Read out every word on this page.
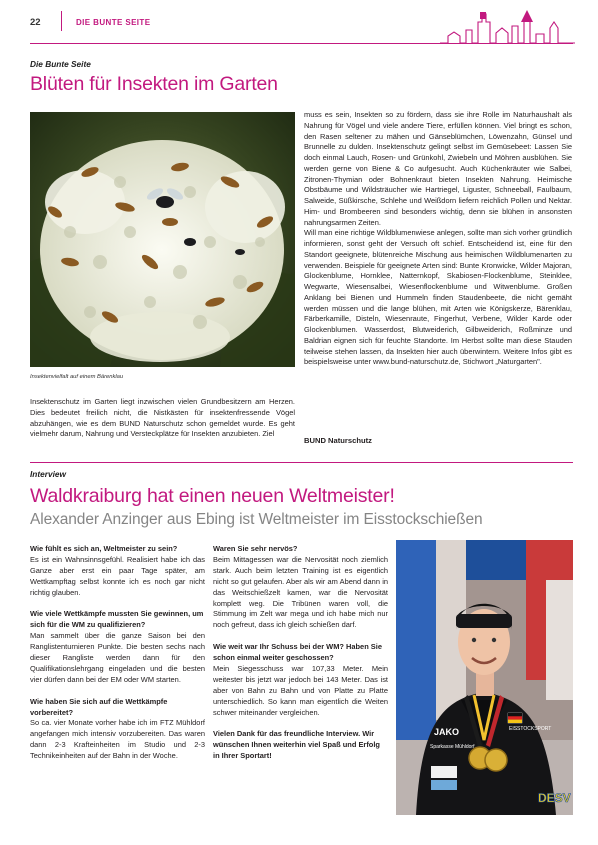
22	DIE BUNTE SEITE
Die Bunte Seite
Blüten für Insekten im Garten
Insektenvielfalt auf einem Bärenklau

Insektenschutz im Garten liegt inzwischen vielen Grundbesitzern am Herzen. Dies bedeutet freilich nicht, die Nistkästen für insektenfressende Vögel abzuhängen, wie es dem BUND Naturschutz schon gemeldet wurde. Es geht vielmehr darum, Nahrung und Versteckplätze für Insekten anzubieten. Ziel

muss es sein, Insekten so zu fördern, dass sie ihre Rolle im Naturhaushalt als Nahrung für Vögel und viele andere Tiere, erfüllen können. Viel bringt es schon, den Rasen seltener zu mähen und Gänseblümchen, Löwenzahn, Günsel und Brunnelle zu dulden. Insektenschutz gelingt selbst im Gemüsebeet: Lassen Sie doch einmal Lauch, Rosen- und Grünkohl, Zwiebeln und Möhren ausblühen. Sie werden gerne von Biene & Co aufgesucht. Auch Küchenkräuter wie Salbei, Zitronen-Thymian oder Bohnenkraut bieten Insekten Nahrung. Heimische Obstbäume und Wildsträucher wie Hartriegel, Liguster, Schneeball, Faulbaum, Salweide, Süßkirsche, Schlehe und Weißdorn liefern reichlich Pollen und Nektar. Him- und Brombeeren sind besonders wichtig, denn sie blühen in ansonsten nahrungsarmen Zeiten.

Will man eine richtige Wildblumenwiese anlegen, sollte man sich vorher gründlich informieren, sonst geht der Versuch oft schief. Entscheidend ist, eine für den Standort geeignete, blütenreiche Mischung aus heimischen Wildblumenarten zu verwenden. Beispiele für geeignete Arten sind: Bunte Kronwicke, Wilder Majoran, Glockenblume, Hornklee, Natternkopf, Skabiosen-Flockenblume, Steinklee, Wegwarte, Wiesensalbei, Wiesenflockenblume und Witwenblume. Großen Anklang bei Bienen und Hummeln finden Staudenbeete, die nicht gemäht werden müssen und die lange blühen, mit Arten wie Königskerze, Bärenklau, Färberkamille, Disteln, Wiesenraute, Fingerhut, Verbene, Wilder Karde oder Glockenblumen. Wasserdost, Blutweiderich, Gilbweiderich, Roßminze und Baldrian eignen sich für feuchte Standorte. Im Herbst sollte man diese Stauden teilweise stehen lassen, da Insekten hier auch überwintern. Weitere Infos gibt es beispielsweise unter www.bund-naturschutz.de, Stichwort „Naturgarten".

BUND Naturschutz
Interview
Waldkraiburg hat einen neuen Weltmeister!
Alexander Anzinger aus Ebing ist Weltmeister im Eisstockschießen

Wie fühlt es sich an, Weltmeister zu sein?

Es ist ein Wahnsinnsgefühl. Realisiert habe ich das Ganze aber erst ein paar Tage später, am Wettkampftag selbst konnte ich es noch gar nicht richtig glauben.

Wie viele Wettkämpfe mussten Sie gewinnen, um sich für die WM zu qualifizieren?

Man sammelt über die ganze Saison bei den Ranglistenturnieren Punkte. Die besten sechs nach dieser Rangliste werden dann für den Qualifikationslehrgang eingeladen und die besten vier dürfen dann bei der EM oder WM starten.

Wie haben Sie sich auf die Wettkämpfe vorbereitet?

So ca. vier Monate vorher habe ich im FTZ Mühldorf angefangen mich intensiv vorzubereiten. Das waren dann 2-3 Krafteinheiten im Studio und 2-3 Technikeinheiten auf der Bahn in der Woche.

Waren Sie sehr nervös?

Beim Mittagessen war die Nervosität noch ziemlich stark. Auch beim letzten Training ist es eigentlich nicht so gut gelaufen. Aber als wir am Abend dann in das Weitschießzelt kamen, war die Nervosität komplett weg. Die Tribünen waren voll, die Stimmung im Zelt war mega und ich habe mich nur noch gefreut, dass ich gleich schießen darf.

Wie weit war Ihr Schuss bei der WM? Haben Sie schon einmal weiter geschossen?

Mein Siegesschuss war 107,33 Meter. Mein weitester bis jetzt war jedoch bei 143 Meter. Das ist aber von Bahn zu Bahn und von Platte zu Platte unterschiedlich. So kann man eigentlich die Weiten schwer miteinander vergleichen.

Vielen Dank für das freundliche Interview. Wir wünschen Ihnen weiterhin viel Spaß und Erfolg in Ihrer Sportart!

JAKO
Sparkasse Mühldorf
EISSTOCKSPORT
DESV
